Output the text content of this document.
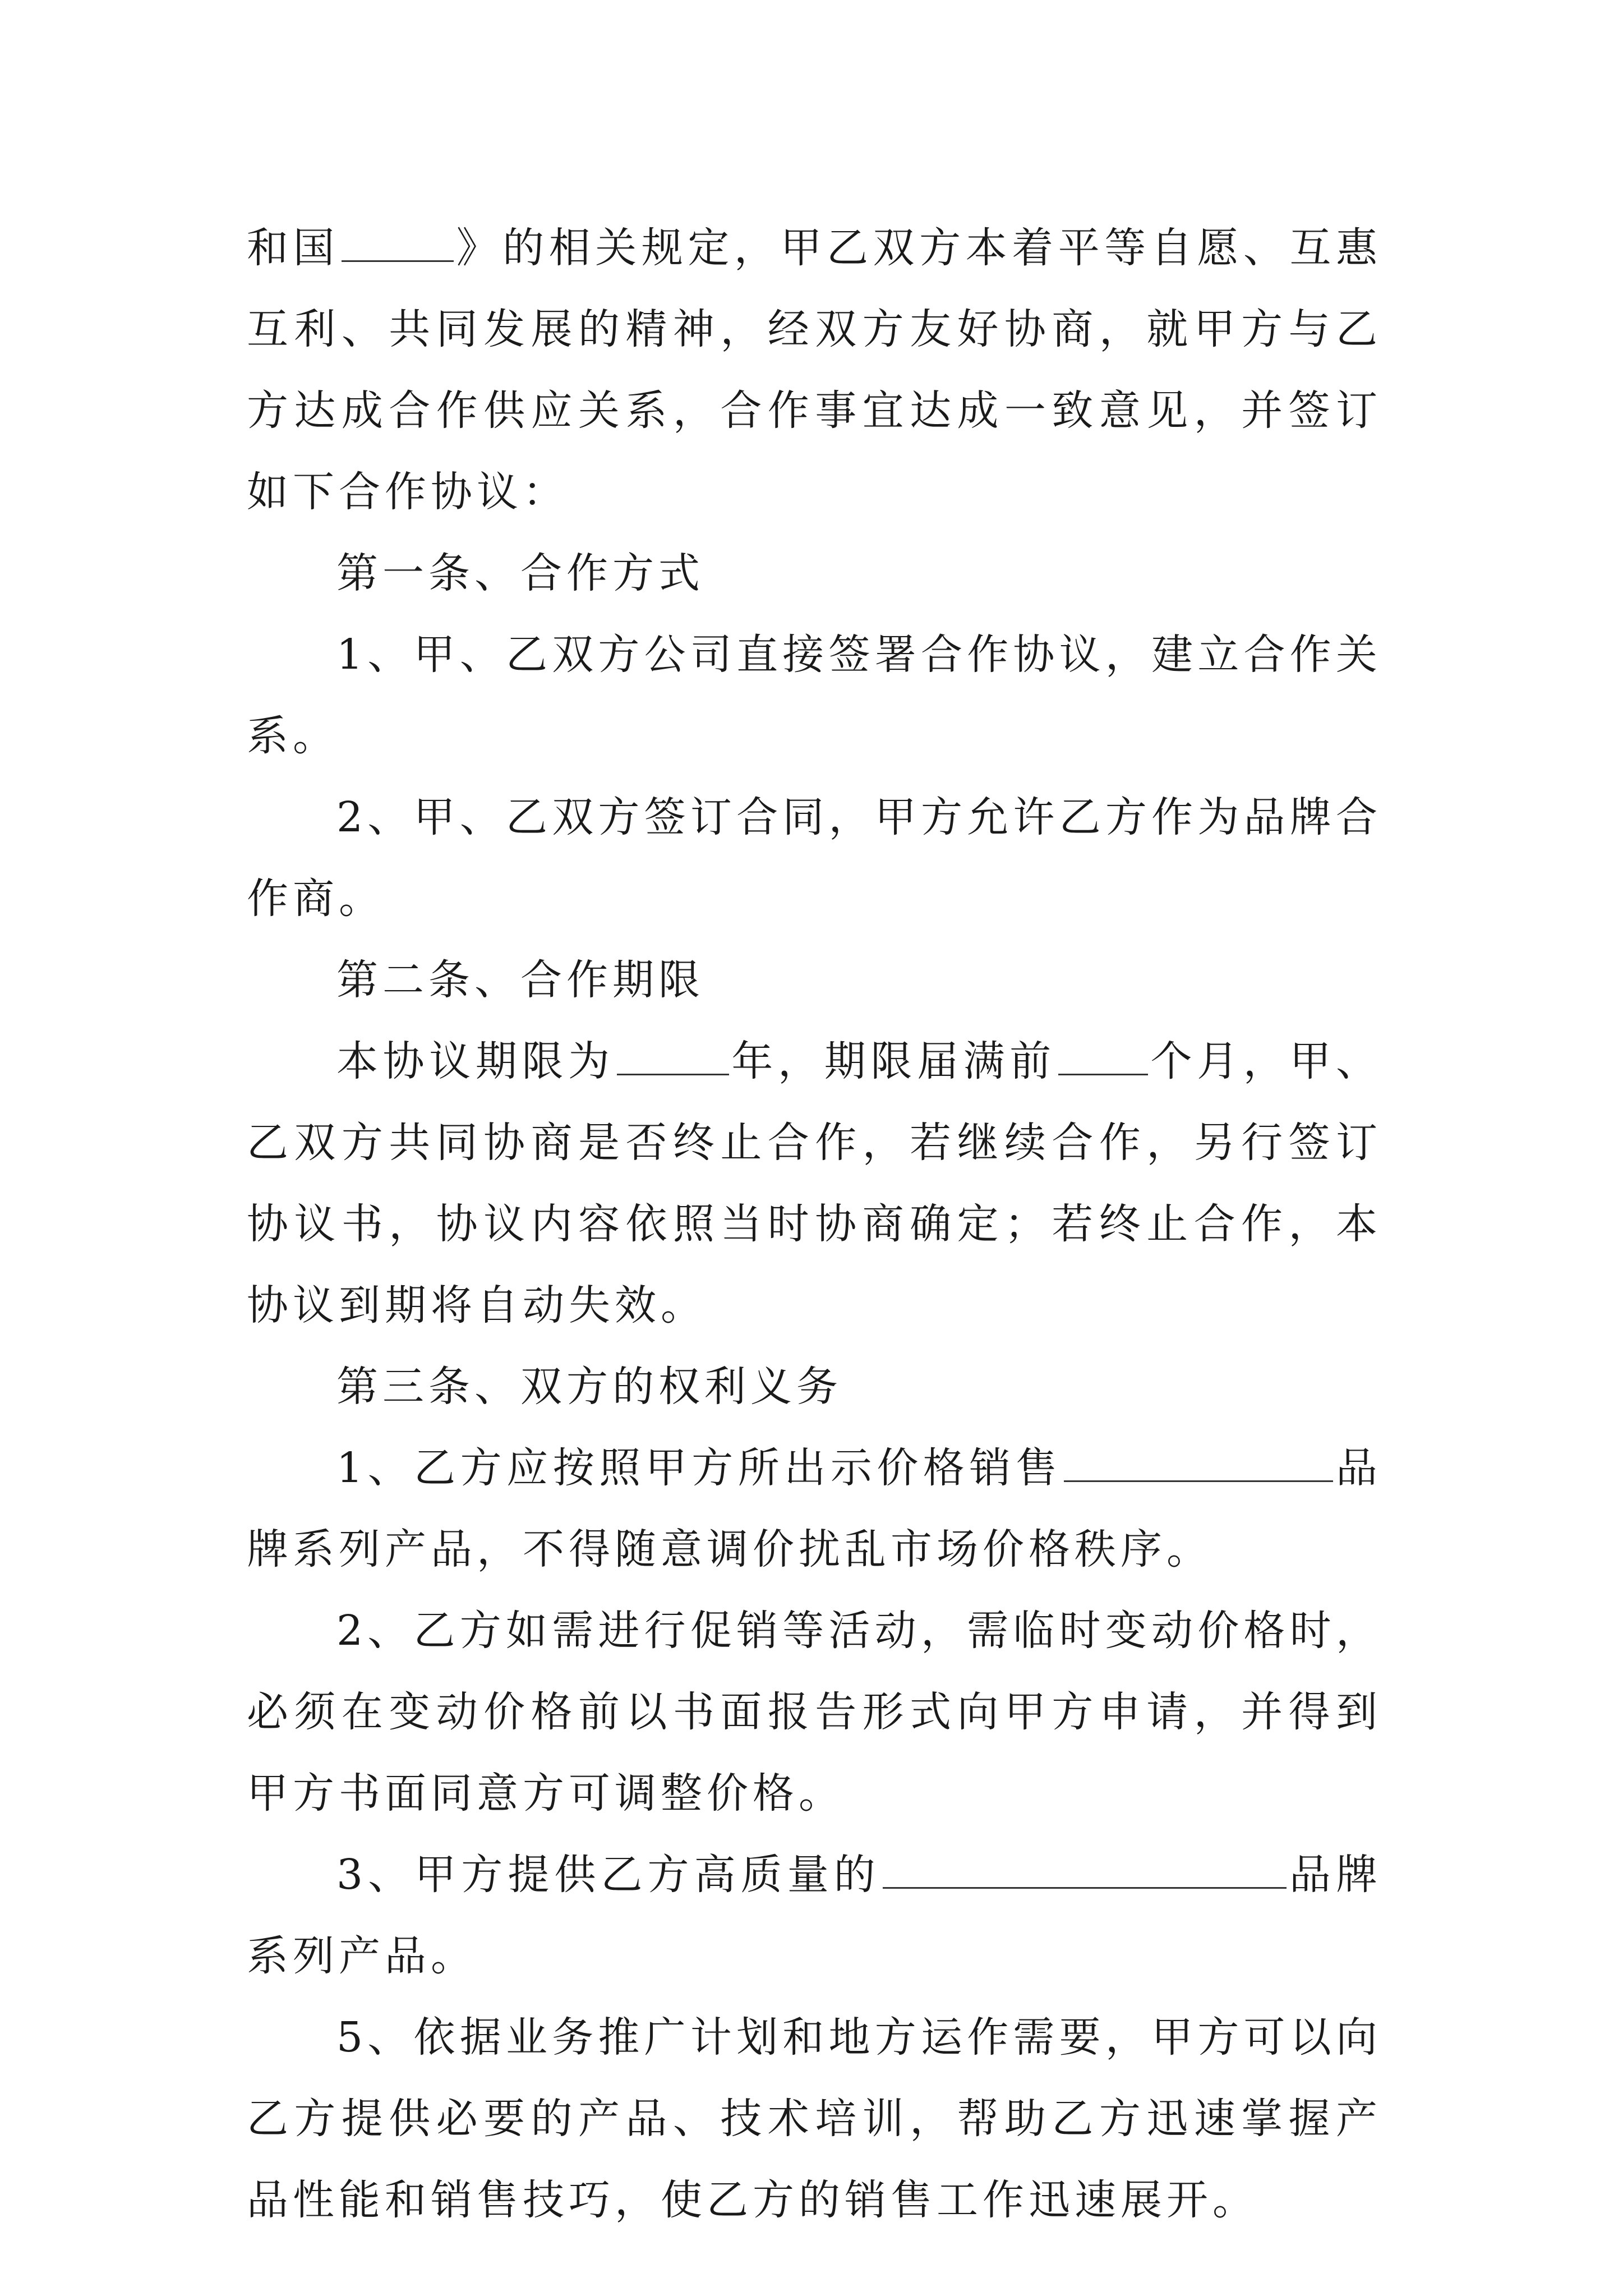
和国	》的相关规定，甲乙双方本着平等自愿、互惠互利、共同发展的精神，经双方友好协商，就甲方与乙方达成合作供应关系，合作事宜达成一致意见，并签订如下合作协议：

第一条、合作方式

1、甲、乙双方公司直接签署合作协议，建立合作关系。

2、甲、乙双方签订合同，甲方允许乙方作为品牌合作商。

第二条、合作期限

本协议期限为	年，期限届满前 个月，甲、乙双方共同协商是否终止合作，若继续合作，另行签订协议书，协议内容依照当时协商确定；若终止合作，本协议到期将自动失效。

第三条、双方的权利义务

1、乙方应按照甲方所出示价格销售	品牌系列产品，不得随意调价扰乱市场价格秩序。

2、乙方如需进行促销等活动，需临时变动价格时，必须在变动价格前以书面报告形式向甲方申请，并得到甲方书面同意方可调整价格。

3、甲方提供乙方高质量的	品牌系列产品。

5、依据业务推广计划和地方运作需要，甲方可以向乙方提供必要的产品、技术培训，帮助乙方迅速掌握产品性能和销售技巧，使乙方的销售工作迅速展开。
